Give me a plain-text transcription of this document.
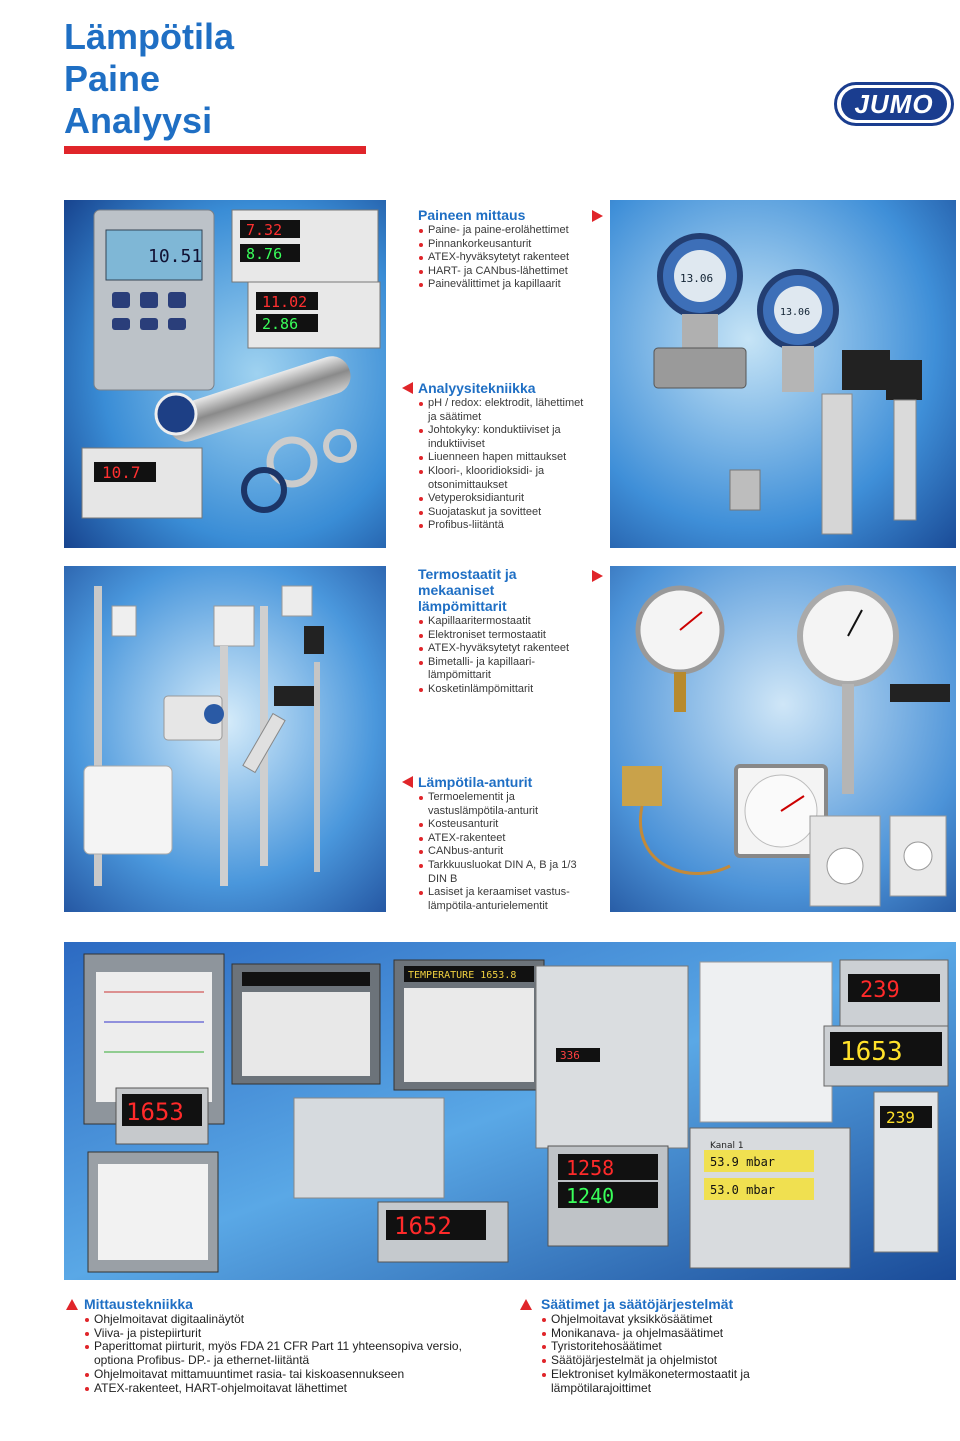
Lämpötila
Paine
Analyysi	JUMO
10.51
7.32
8.76
11.02
2.86
10.7
13.06
13.06
Paineen mittaus
Paine- ja paine-erolähettimet
Pinnankorkeusanturit
ATEX-hyväksytetyt rakenteet
HART- ja CANbus-lähettimet
Painevälittimet ja kapillaarit
Analyysitekniikka
pH / redox: elektrodit, lähettimet ja säätimet
Johtokyky: konduktiiviset ja induktiiviset
Liuenneen hapen mittaukset
Kloori-, klooridioksidi- ja otsonimittaukset
Vetyperoksidianturit
Suojataskut ja sovitteet
Profibus-liitäntä
Termostaatit ja
mekaaniset
lämpömittarit
Kapillaaritermostaatit
Elektroniset termostaatit
ATEX-hyväksytetyt rakenteet
Bimetalli- ja kapillaari-lämpömittarit
Kosketinlämpömittarit
Lämpötila-anturit
Termoelementit ja vastuslämpötila-anturit
Kosteusanturit
ATEX-rakenteet
CANbus-anturit
Tarkkuusluokat DIN A, B ja 1/3 DIN B
Lasiset ja keraamiset vastus-lämpötila-anturielementit
TEMPERATURE 1653.8
1653
336
239
1653
1258
1240
1652
Kanal 1
53.9 mbar
53.0 mbar
239
Mittaustekniikka
Ohjelmoitavat digitaalinäytöt
Viiva- ja pistepiirturit
Paperittomat piirturit, myös FDA 21 CFR Part 11 yhteensopiva versio, optiona Profibus- DP.- ja ethernet-liitäntä
Ohjelmoitavat mittamuuntimet rasia- tai kiskoasennukseen
ATEX-rakenteet, HART-ohjelmoitavat lähettimet
Säätimet ja säätöjärjestelmät
Ohjelmoitavat yksikkösäätimet
Monikanava- ja ohjelmasäätimet
Tyristoritehosäätimet
Säätöjärjestelmät ja ohjelmistot
Elektroniset kylmäkonetermostaatit ja lämpötilarajoittimet
